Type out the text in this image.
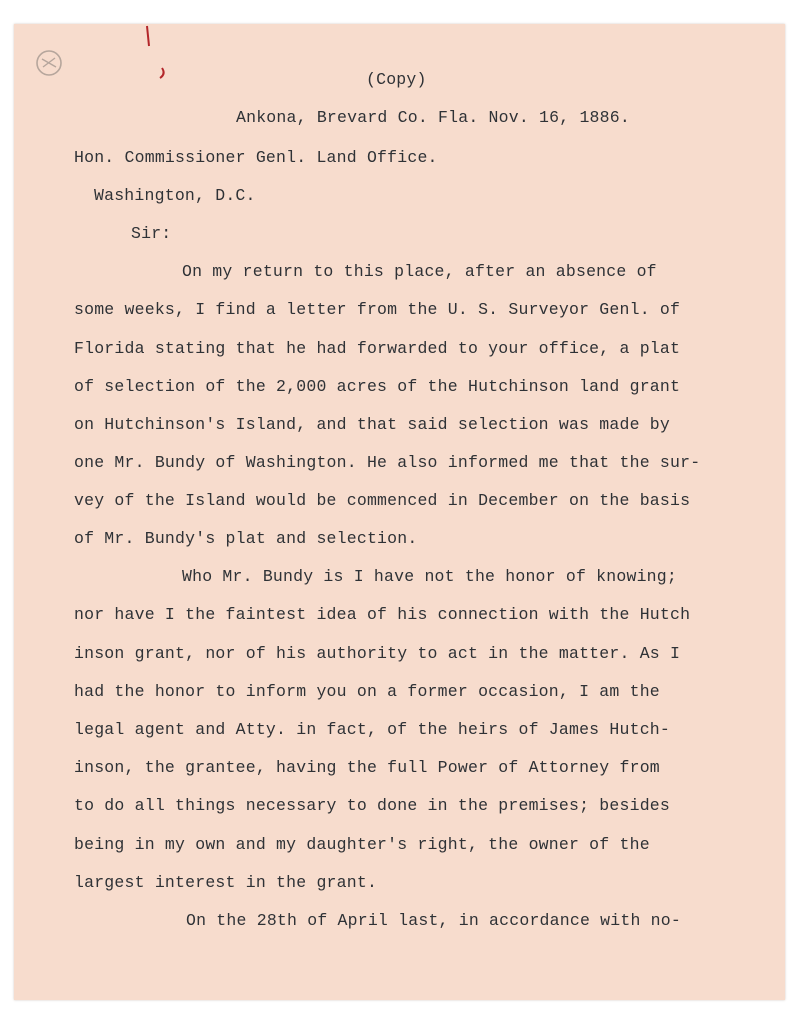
(Copy)
Ankona, Brevard Co. Fla. Nov. 16, 1886.
Hon. Commissioner Genl. Land Office.
Washington, D.C.
Sir:
On my return to this place, after an absence of
some weeks, I find a letter from the U. S. Surveyor Genl. of
Florida stating that he had forwarded to your office, a plat
of selection of the 2,000 acres of the Hutchinson land grant
on Hutchinson's Island, and that said selection was made by
one Mr. Bundy of Washington. He also informed me that the sur-
vey of the Island would be commenced in December on the basis
of Mr. Bundy's plat and selection.
Who Mr. Bundy is I have not the honor of knowing;
nor have I the faintest idea of his connection with the Hutch
inson grant, nor of his authority to act in the matter. As I
had the honor to inform you on a former occasion, I am the
legal agent and Atty. in fact, of the heirs of James Hutch-
inson, the grantee, having the full Power of Attorney from
to do all things necessary to done in the premises; besides
being in my own and my daughter's right, the owner of the
largest interest in the grant.
On the 28th of April last, in accordance with no-
